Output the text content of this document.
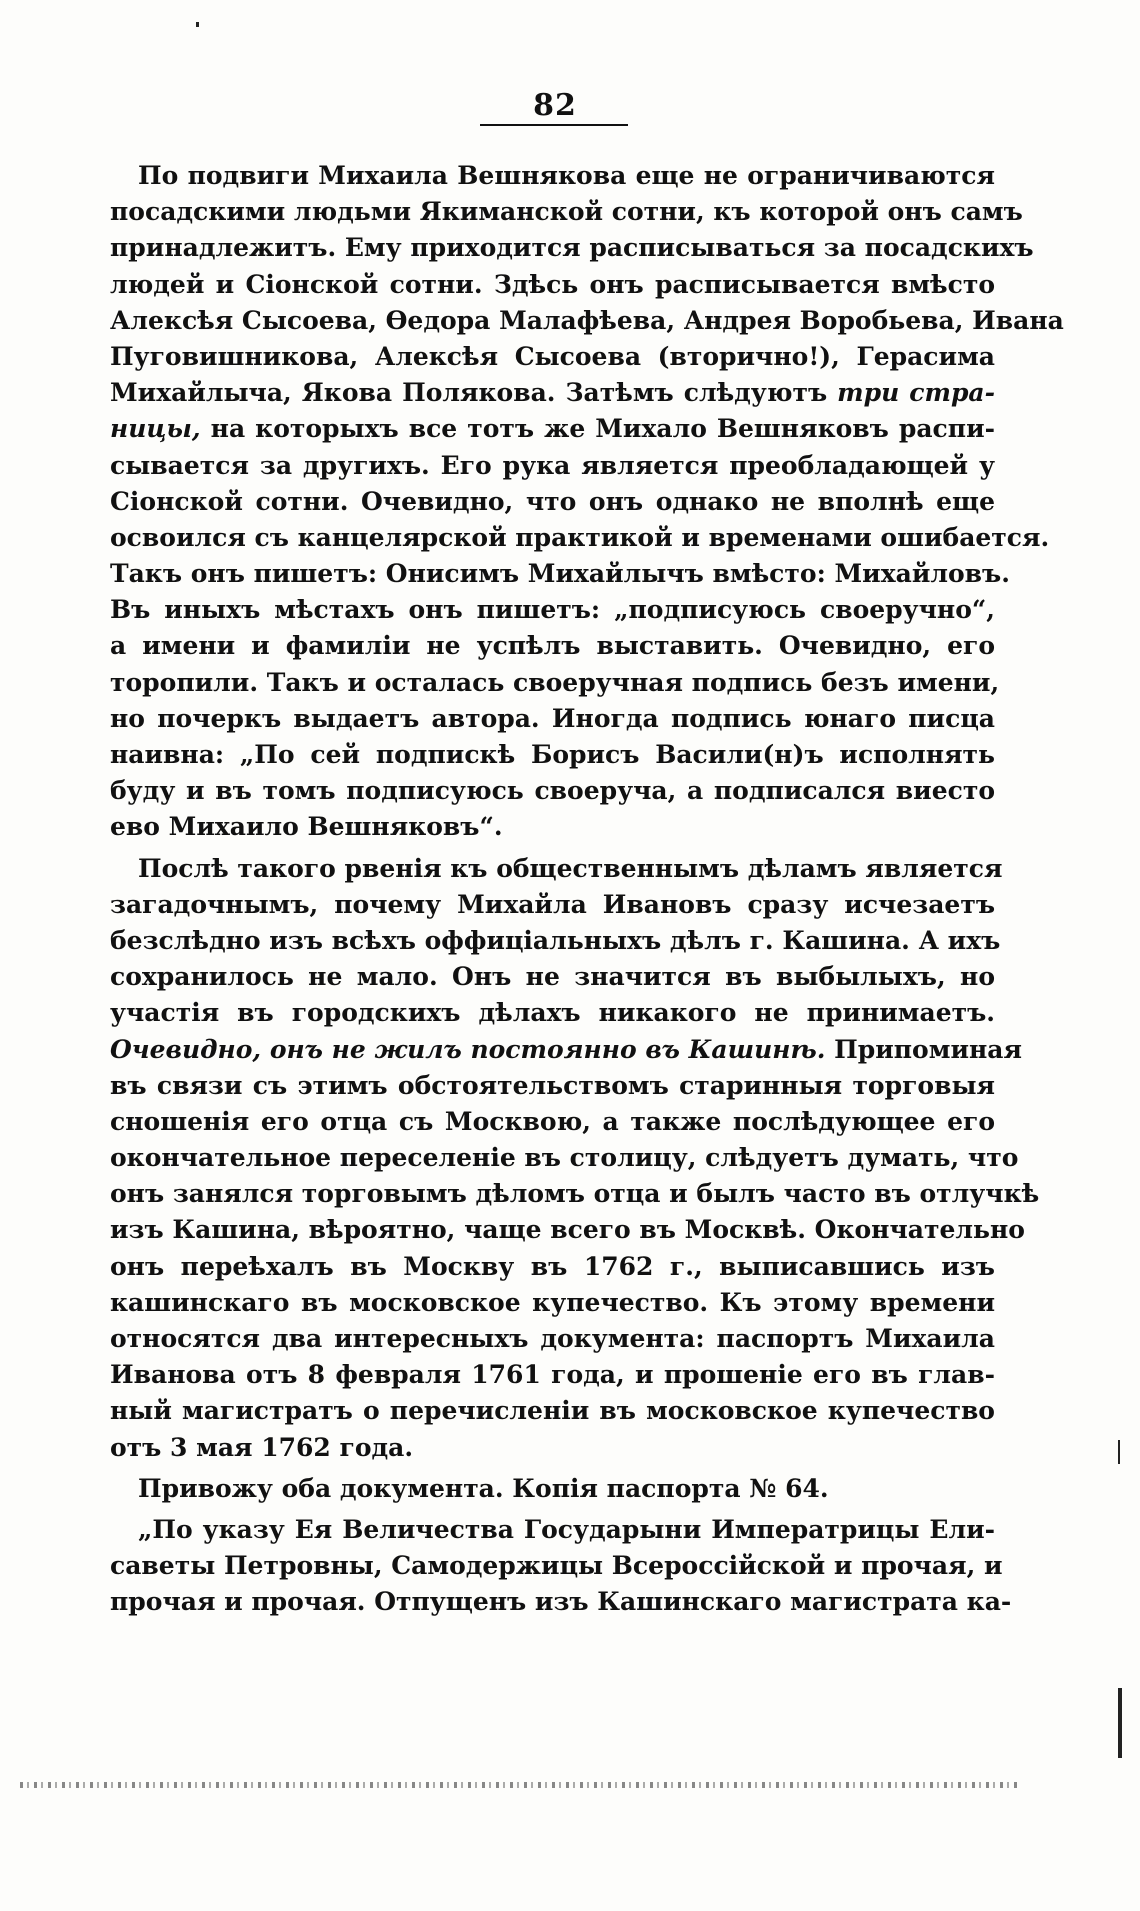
82
По подвиги Михаила Вешнякова еще не ограничиваются
посадскими людьми Якиманской сотни, къ которой онъ самъ
принадлежитъ. Ему приходится расписываться за посадскихъ
людей и Сіонской сотни. Здѣсь онъ расписывается вмѣсто
Алексѣя Сысоева, Өедора Малафѣева, Андрея Воробьева, Ивана
Пуговишникова, Алексѣя Сысоева (вторично!), Герасима
Михайлыча, Якова Полякова. Затѣмъ слѣдуютъ три стра-
ницы, на которыхъ все тотъ же Михало Вешняковъ распи-
сывается за другихъ. Его рука является преобладающей у
Сіонской сотни. Очевидно, что онъ однако не вполнѣ еще
освоился съ канцелярской практикой и временами ошибается.
Такъ онъ пишетъ: Онисимъ Михайлычъ вмѣсто: Михайловъ.
Въ иныхъ мѣстахъ онъ пишетъ: „подписуюсь своеручно“,
а имени и фамиліи не успѣлъ выставить. Очевидно, его
торопили. Такъ и осталась своеручная подпись безъ имени,
но почеркъ выдаетъ автора. Иногда подпись юнаго писца
наивна: „По сей подпискѣ Борисъ Васили(н)ъ исполнять
буду и въ томъ подписуюсь своеруча, а подписался виесто
ево Михаило Вешняковъ“.
Послѣ такого рвенія къ общественнымъ дѣламъ является
загадочнымъ, почему Михайла Ивановъ сразу исчезаетъ
безслѣдно изъ всѣхъ оффиціальныхъ дѣлъ г. Кашина. А ихъ
сохранилось не мало. Онъ не значится въ выбылыхъ, но
участія въ городскихъ дѣлахъ никакого не принимаетъ.
Очевидно, онъ не жилъ постоянно въ Кашинѣ. Припоминая
въ связи съ этимъ обстоятельствомъ старинныя торговыя
сношенія его отца съ Москвою, а также послѣдующее его
окончательное переселеніе въ столицу, слѣдуетъ думать, что
онъ занялся торговымъ дѣломъ отца и былъ часто въ отлучкѣ
изъ Кашина, вѣроятно, чаще всего въ Москвѣ. Окончательно
онъ переѣхалъ въ Москву въ 1762 г., выписавшись изъ
кашинскаго въ московское купечество. Къ этому времени
относятся два интересныхъ документа: паспортъ Михаила
Иванова отъ 8 февраля 1761 года, и прошеніе его въ глав-
ный магистратъ о перечисленіи въ московское купечество
отъ 3 мая 1762 года.
Привожу оба документа. Копія паспорта № 64.
„По указу Ея Величества Государыни Императрицы Ели-
саветы Петровны, Самодержицы Всероссійской и прочая, и
прочая и прочая. Отпущенъ изъ Кашинскаго магистрата ка-
